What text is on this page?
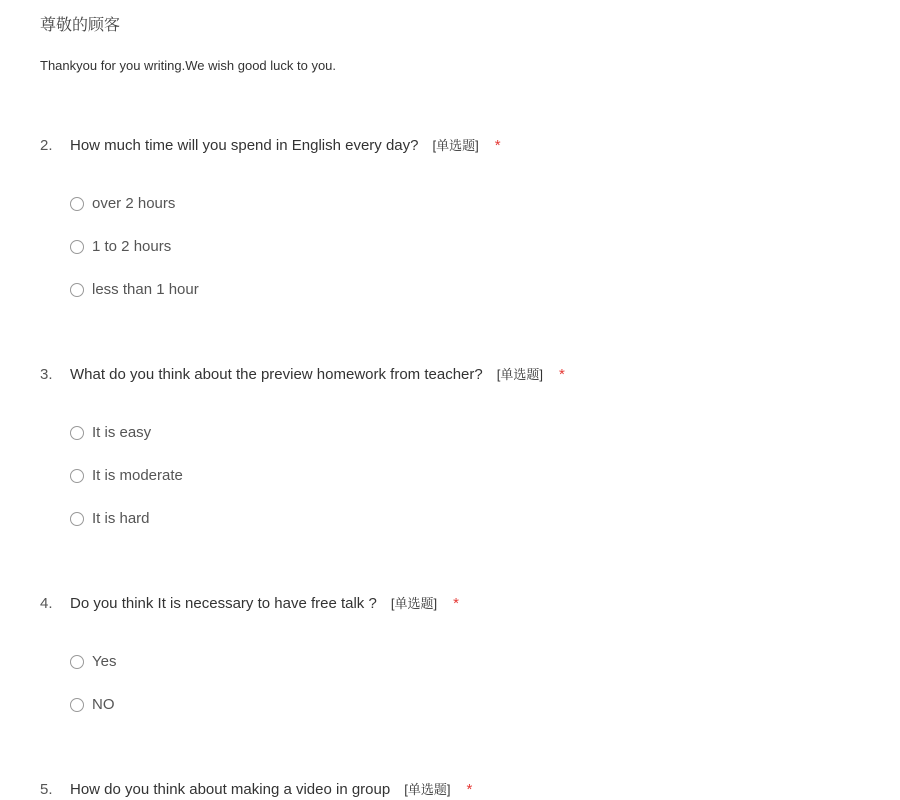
尊敬的顾客
Thankyou for you writing.We wish good luck to you.
2. How much time will you spend in English every day? [单选题] *
over 2 hours
1 to 2 hours
less than 1 hour
3. What do you think about the preview homework from teacher? [单选题] *
It is easy
It is moderate
It is hard
4. Do you think It is necessary to have free talk ? [单选题] *
Yes
NO
5. How do you think about making a video in group [单选题] *
